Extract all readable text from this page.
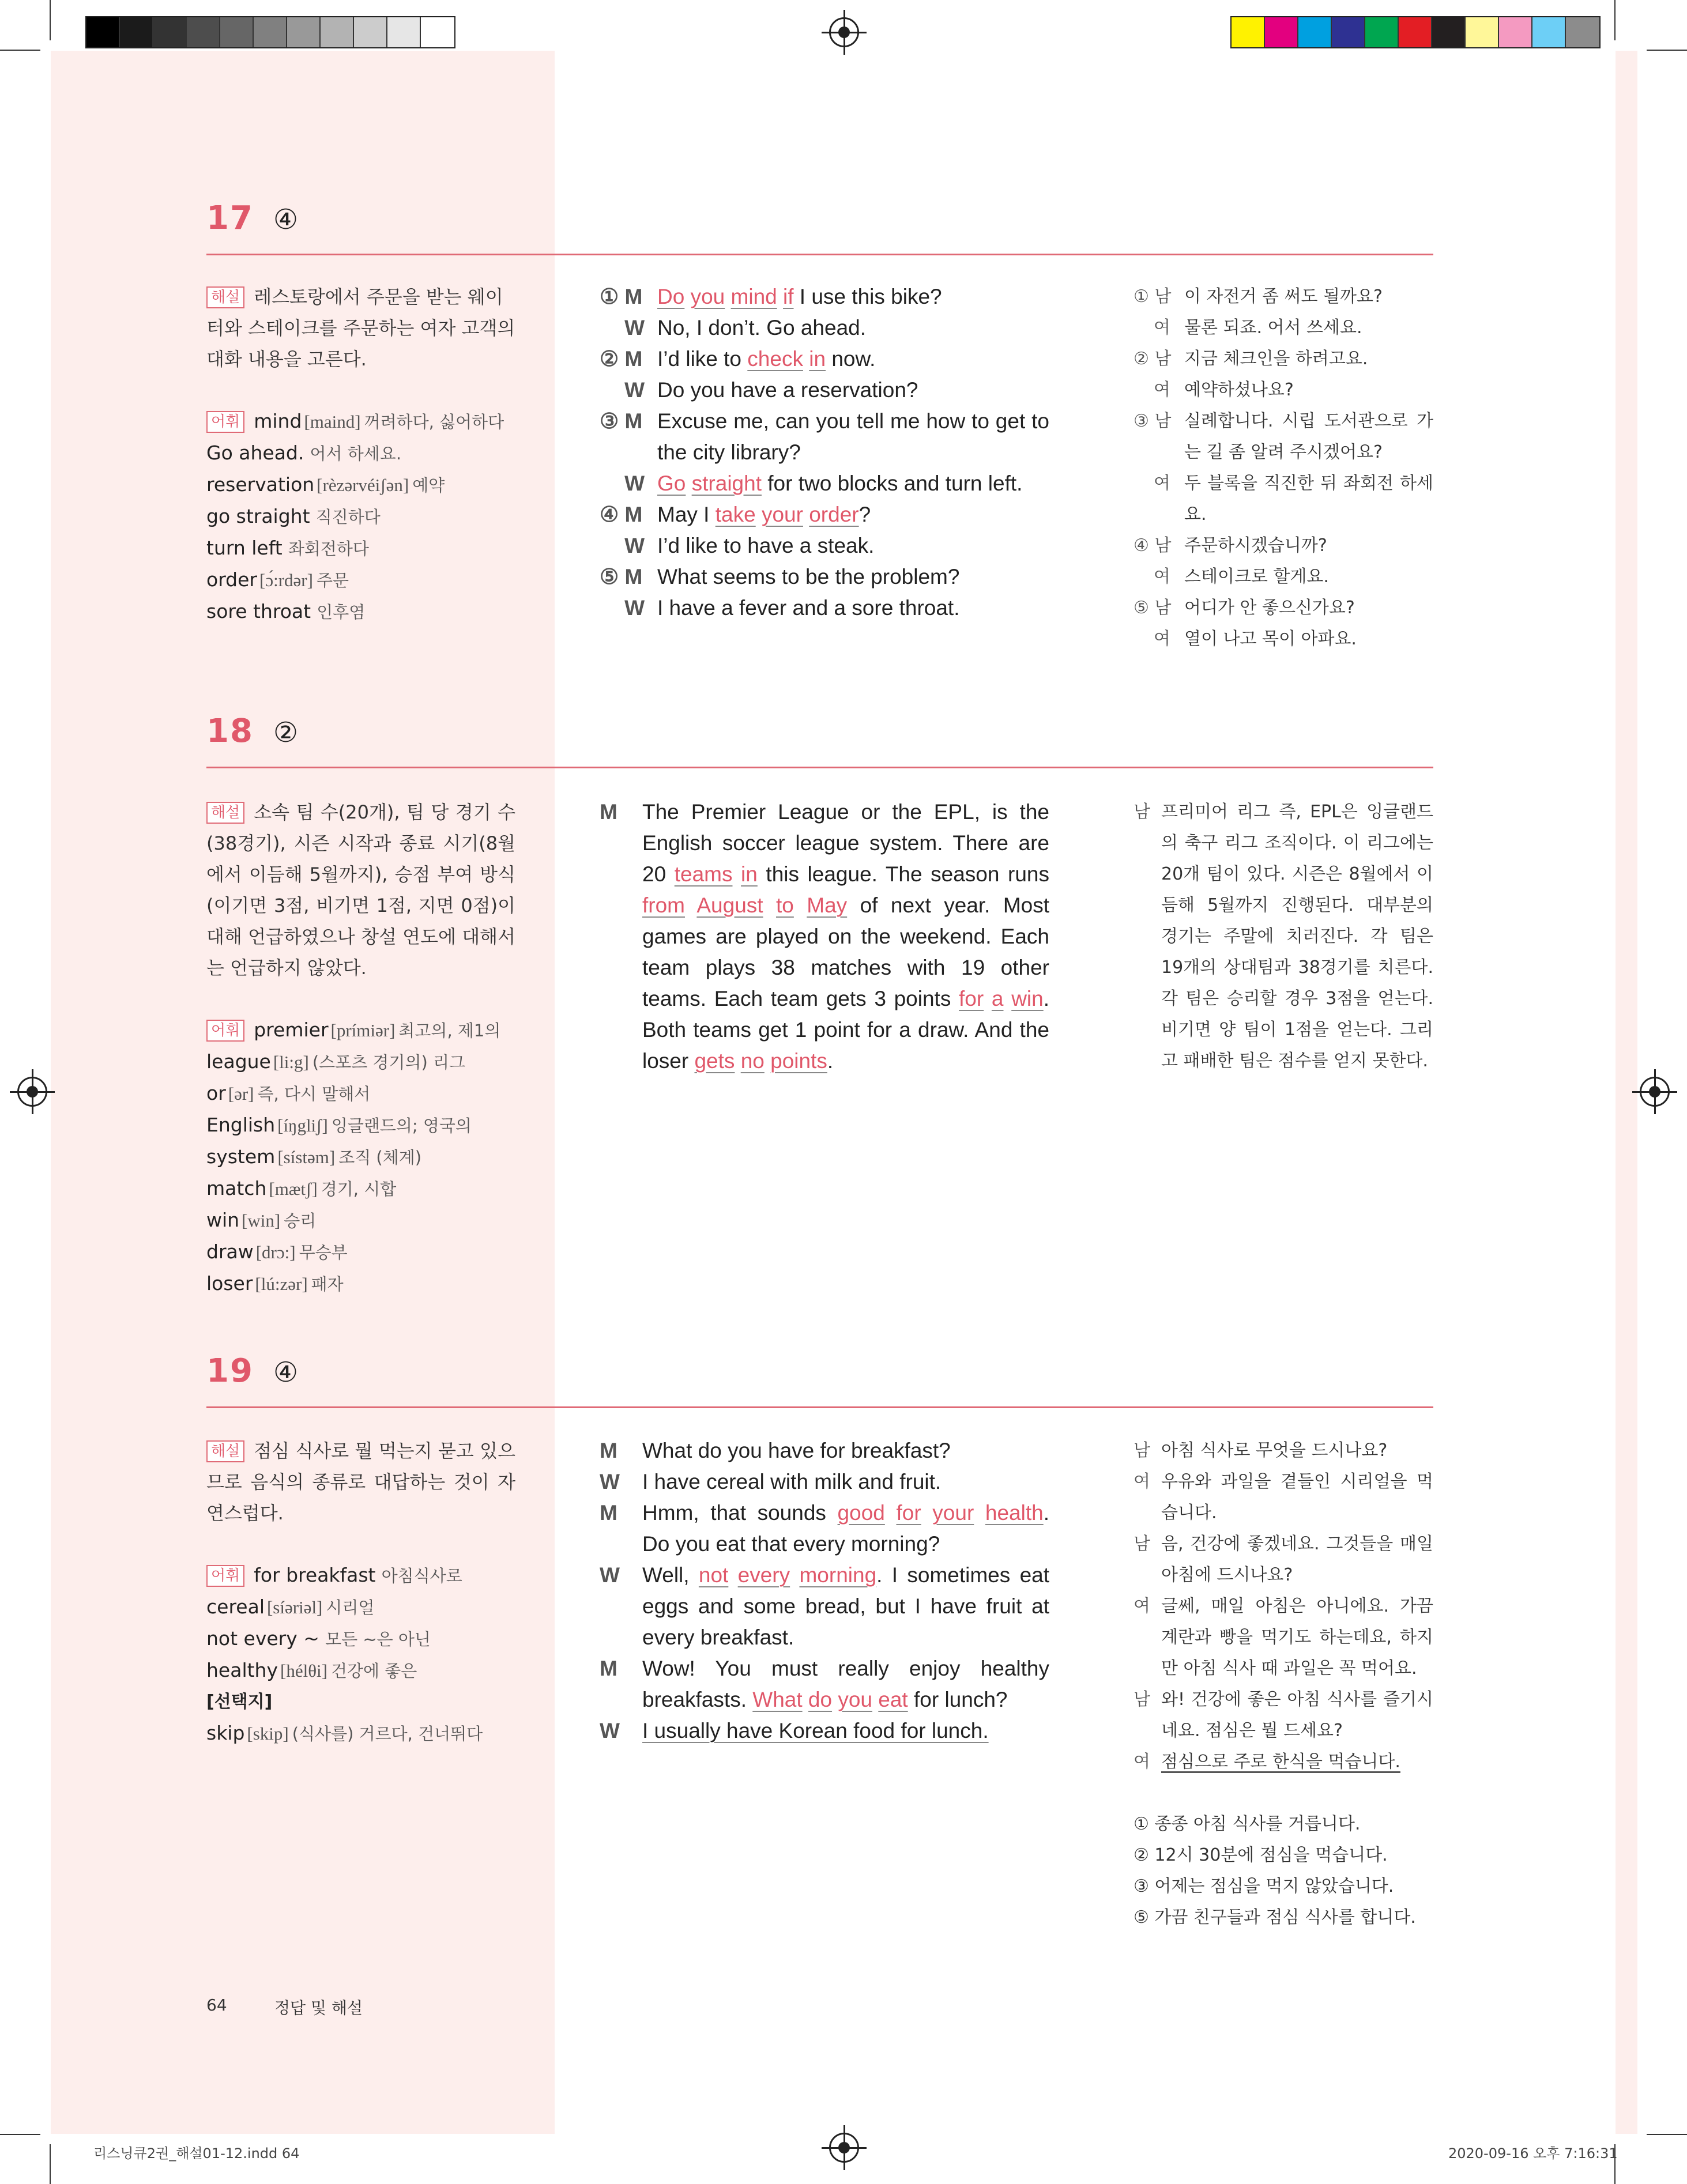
17 ④
해설 레스토랑에서 주문을 받는 웨이터와 스테이크를 주문하는 여자 고객의 대화 내용을 고른다.
어휘 mind [maind] 꺼려하다, 싫어하다
Go ahead. 어서 하세요.
reservation [rèzərvéiʃən] 예약
go straight 직진하다
turn left 좌회전하다
order [ɔ́:rdər] 주문
sore throat 인후염
① M Do you mind if I use this bike?
W No, I don’t. Go ahead.
② M I’d like to check in now.
W Do you have a reservation?
③ M Excuse me, can you tell me how to get to the city library?
W Go straight for two blocks and turn left.
④ M May I take your order?
W I’d like to have a steak.
⑤ M What seems to be the problem?
W I have a fever and a sore throat.
① 남 이 자전거 좀 써도 될까요?
여 물론 되죠. 어서 쓰세요.
② 남 지금 체크인을 하려고요.
여 예약하셨나요?
③ 남 실례합니다. 시립 도서관으로 가는 길 좀 알려 주시겠어요?
여 두 블록을 직진한 뒤 좌회전 하세요.
④ 남 주문하시겠습니까?
여 스테이크로 할게요.
⑤ 남 어디가 안 좋으신가요?
여 열이 나고 목이 아파요.
18 ②
해설 소속 팀 수(20개), 팀 당 경기 수(38경기), 시즌 시작과 종료 시기(8월에서 이듬해 5월까지), 승점 부여 방식(이기면 3점, 비기면 1점, 지면 0점)이 대해 언급하였으나 창설 연도에 대해서는 언급하지 않았다.
어휘 premier [prímiər] 최고의, 제1의
league [li:g] (스포츠 경기의) 리그
or [ər] 즉, 다시 말해서
English [íŋgliʃ] 잉글랜드의; 영국의
system [sístəm] 조직 (체계)
match [mætʃ] 경기, 시합
win [win] 승리
draw [drɔ:] 무승부
loser [lú:zər] 패자
M	The Premier League or the EPL, is the English soccer league system. There are 20 teams in this league. The season runs from August to May of next year. Most games are played on the weekend. Each team plays 38 matches with 19 other teams. Each team gets 3 points for a win. Both teams get 1 point for a draw. And the loser gets no points.
남 프리미어 리그 즉, EPL은 잉글랜드의 축구 리그 조직이다. 이 리그에는 20개 팀이 있다. 시즌은 8월에서 이듬해 5월까지 진행된다. 대부분의 경기는 주말에 치러진다. 각 팀은 19개의 상대팀과 38경기를 치른다. 각 팀은 승리할 경우 3점을 얻는다. 비기면 양 팀이 1점을 얻는다. 그리고 패배한 팀은 점수를 얻지 못한다.
19 ④
해설 점심 식사로 뭘 먹는지 묻고 있으므로 음식의 종류로 대답하는 것이 자연스럽다.
어휘 for breakfast 아침식사로
cereal [síəriəl] 시리얼
not every ~ 모든 ~은 아닌
healthy [hélθi] 건강에 좋은
[선택지]
skip [skip] (식사를) 거르다, 건너뛰다
M	What do you have for breakfast?
W	I have cereal with milk and fruit.
M	Hmm, that sounds good for your health. Do you eat that every morning?
W	Well, not every morning. I sometimes eat eggs and some bread, but I have fruit at every breakfast.
M	Wow! You must really enjoy healthy breakfasts. What do you eat for lunch?
W	I usually have Korean food for lunch.
남 아침 식사로 무엇을 드시나요?
여 우유와 과일을 곁들인 시리얼을 먹습니다.
남 음, 건강에 좋겠네요. 그것들을 매일 아침에 드시나요?
여 글쎄, 매일 아침은 아니에요. 가끔 계란과 빵을 먹기도 하는데요, 하지만 아침 식사 때 과일은 꼭 먹어요.
남 와! 건강에 좋은 아침 식사를 즐기시네요. 점심은 뭘 드세요?
여 점심으로 주로 한식을 먹습니다.
① 종종 아침 식사를 거릅니다.
② 12시 30분에 점심을 먹습니다.
③ 어제는 점심을 먹지 않았습니다.
⑤ 가끔 친구들과 점심 식사를 합니다.
64	정답 및 해설
리스닝큐2권_해설01-12.indd 64	2020-09-16 오후 7:16:31
